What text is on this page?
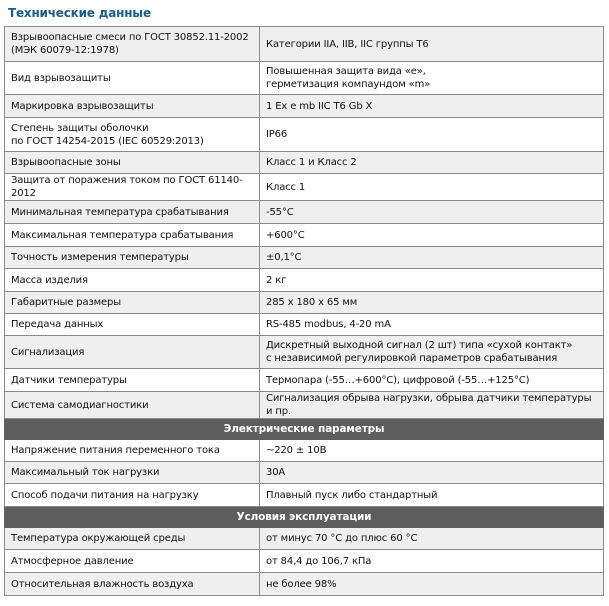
Технические данные
Взрывоопасные смеси по ГОСТ 30852.11-2002
(МЭК 60079-12:1978)	Категории IIA, IIB, IIC группы Т6
Вид взрывозащиты	Повышенная защита вида «е»,
герметизация компаундом «m»
Маркировка взрывозащиты	1 Ex e mb IIC T6 Gb X
Степень защиты оболочки
по ГОСТ 14254-2015 (IEC 60529:2013)	IP66
Взрывоопасные зоны	Класс 1 и Класс 2
Защита от поражения током по ГОСТ 61140-2012	Класс 1
Минимальная температура срабатывания	-55°С
Максимальная температура срабатывания	+600°С
Точность измерения температуры	±0,1°С
Масса изделия	2 кг
Габаритные размеры	285 x 180 x 65 мм
Передача данных	RS-485 modbus, 4-20 mA
Сигнализация	Дискретный выходной сигнал (2 шт) типа «сухой контакт»
с независимой регулировкой параметров срабатывания
Датчики температуры	Термопара (-55…+600°С), цифровой (-55…+125°С)
Система самодиагностики	Сигнализация обрыва нагрузки, обрыва датчики температуры и пр.
Электрические параметры	
Напряжение питания переменного тока	~220 ± 10В
Максимальный ток нагрузки	30А
Способ подачи питания на нагрузку	Плавный пуск либо стандартный
Условия эксплуатации	
Температура окружающей среды	от минус 70 °С до плюс 60 °С
Атмосферное давление	от 84,4 до 106,7 кПа
Относительная влажность воздуха	не более 98%
